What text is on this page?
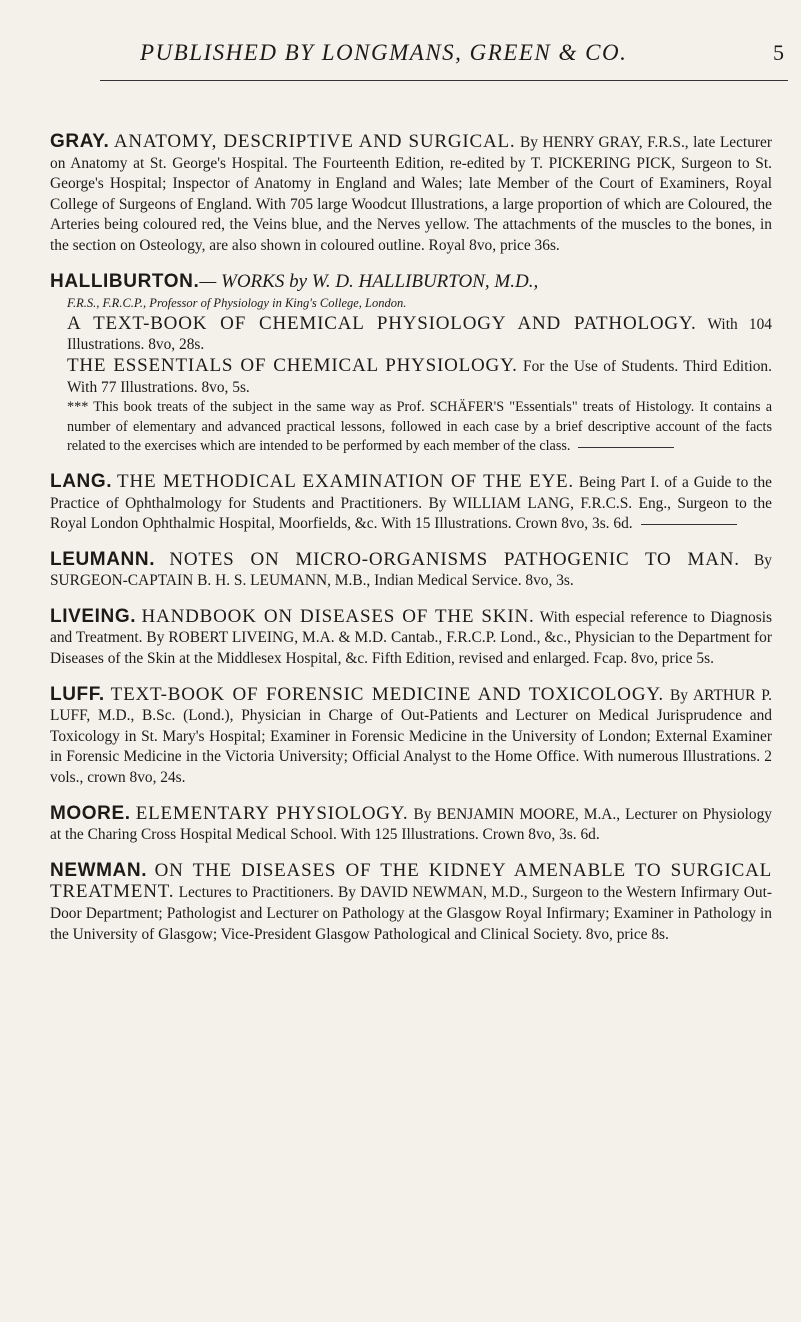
PUBLISHED BY LONGMANS, GREEN & CO.	5

GRAY. ANATOMY, DESCRIPTIVE AND SURGICAL. By HENRY GRAY, F.R.S., late Lecturer on Anatomy at St. George's Hospital. The Fourteenth Edition, re-edited by T. PICKERING PICK, Surgeon to St. George's Hospital; Inspector of Anatomy in England and Wales; late Member of the Court of Examiners, Royal College of Surgeons of England. With 705 large Woodcut Illustrations, a large proportion of which are Coloured, the Arteries being coloured red, the Veins blue, and the Nerves yellow. The attachments of the muscles to the bones, in the section on Osteology, are also shown in coloured outline. Royal 8vo, price 36s.

HALLIBURTON.— WORKS by W. D. HALLIBURTON, M.D.,

F.R.S., F.R.C.P., Professor of Physiology in King's College, London.

A TEXT-BOOK OF CHEMICAL PHYSIOLOGY AND PATHOLOGY. With 104 Illustrations. 8vo, 28s.

THE ESSENTIALS OF CHEMICAL PHYSIOLOGY. For the Use of Students. Third Edition. With 77 Illustrations. 8vo, 5s.

*** This book treats of the subject in the same way as Prof. SCHÄFER'S "Essentials" treats of Histology. It contains a number of elementary and advanced practical lessons, followed in each case by a brief descriptive account of the facts related to the exercises which are intended to be performed by each member of the class.

LANG. THE METHODICAL EXAMINATION OF THE EYE. Being Part I. of a Guide to the Practice of Ophthalmology for Students and Practitioners. By WILLIAM LANG, F.R.C.S. Eng., Surgeon to the Royal London Ophthalmic Hospital, Moorfields, &c. With 15 Illustrations. Crown 8vo, 3s. 6d.

LEUMANN. NOTES ON MICRO-ORGANISMS PATHOGENIC TO MAN. By SURGEON-CAPTAIN B. H. S. LEUMANN, M.B., Indian Medical Service. 8vo, 3s.

LIVEING. HANDBOOK ON DISEASES OF THE SKIN. With especial reference to Diagnosis and Treatment. By ROBERT LIVEING, M.A. & M.D. Cantab., F.R.C.P. Lond., &c., Physician to the Department for Diseases of the Skin at the Middlesex Hospital, &c. Fifth Edition, revised and enlarged. Fcap. 8vo, price 5s.

LUFF. TEXT-BOOK OF FORENSIC MEDICINE AND TOXICOLOGY. By ARTHUR P. LUFF, M.D., B.Sc. (Lond.), Physician in Charge of Out-Patients and Lecturer on Medical Jurisprudence and Toxicology in St. Mary's Hospital; Examiner in Forensic Medicine in the University of London; External Examiner in Forensic Medicine in the Victoria University; Official Analyst to the Home Office. With numerous Illustrations. 2 vols., crown 8vo, 24s.

MOORE. ELEMENTARY PHYSIOLOGY. By BENJAMIN MOORE, M.A., Lecturer on Physiology at the Charing Cross Hospital Medical School. With 125 Illustrations. Crown 8vo, 3s. 6d.

NEWMAN. ON THE DISEASES OF THE KIDNEY AMENABLE TO SURGICAL TREATMENT. Lectures to Practitioners. By DAVID NEWMAN, M.D., Surgeon to the Western Infirmary Out-Door Department; Pathologist and Lecturer on Pathology at the Glasgow Royal Infirmary; Examiner in Pathology in the University of Glasgow; Vice-President Glasgow Pathological and Clinical Society. 8vo, price 8s.
